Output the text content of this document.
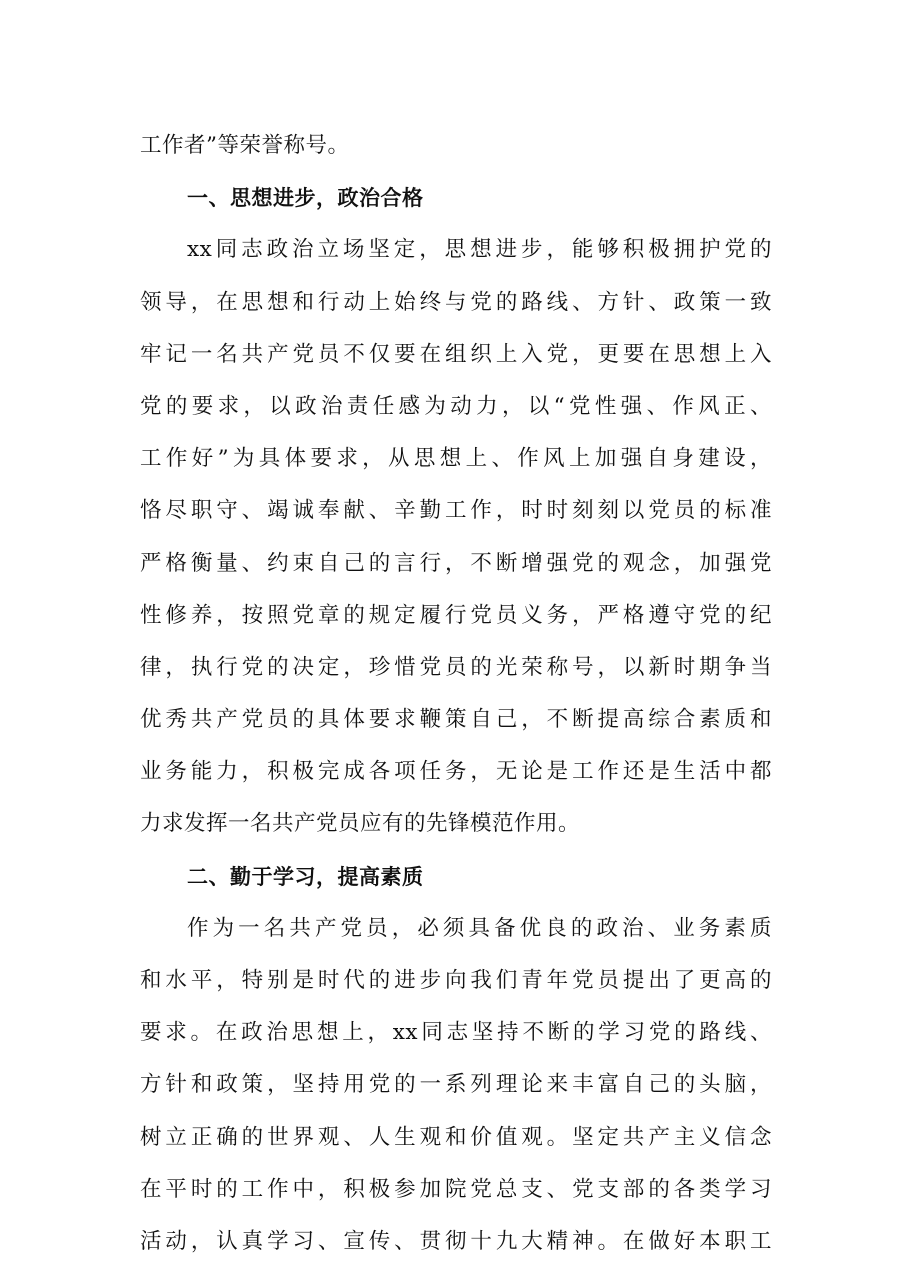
工作者”等荣誉称号。
一、思想进步，政治合格
xx同志政治立场坚定，思想进步，能够积极拥护党的
领导，在思想和行动上始终与党的路线、方针、政策一致
牢记一名共产党员不仅要在组织上入党，更要在思想上入
党的要求，以政治责任感为动力，以“党性强、作风正、
工作好”为具体要求，从思想上、作风上加强自身建设，
恪尽职守、竭诚奉献、辛勤工作，时时刻刻以党员的标准
严格衡量、约束自己的言行，不断增强党的观念，加强党
性修养，按照党章的规定履行党员义务，严格遵守党的纪
律，执行党的决定，珍惜党员的光荣称号，以新时期争当
优秀共产党员的具体要求鞭策自己，不断提高综合素质和
业务能力，积极完成各项任务，无论是工作还是生活中都
力求发挥一名共产党员应有的先锋模范作用。
二、勤于学习，提高素质
作为一名共产党员，必须具备优良的政治、业务素质
和水平，特别是时代的进步向我们青年党员提出了更高的
要求。在政治思想上，xx同志坚持不断的学习党的路线、
方针和政策，坚持用党的一系列理论来丰富自己的头脑，
树立正确的世界观、人生观和价值观。坚定共产主义信念
在平时的工作中，积极参加院党总支、党支部的各类学习
活动，认真学习、宣传、贯彻十九大精神。在做好本职工
